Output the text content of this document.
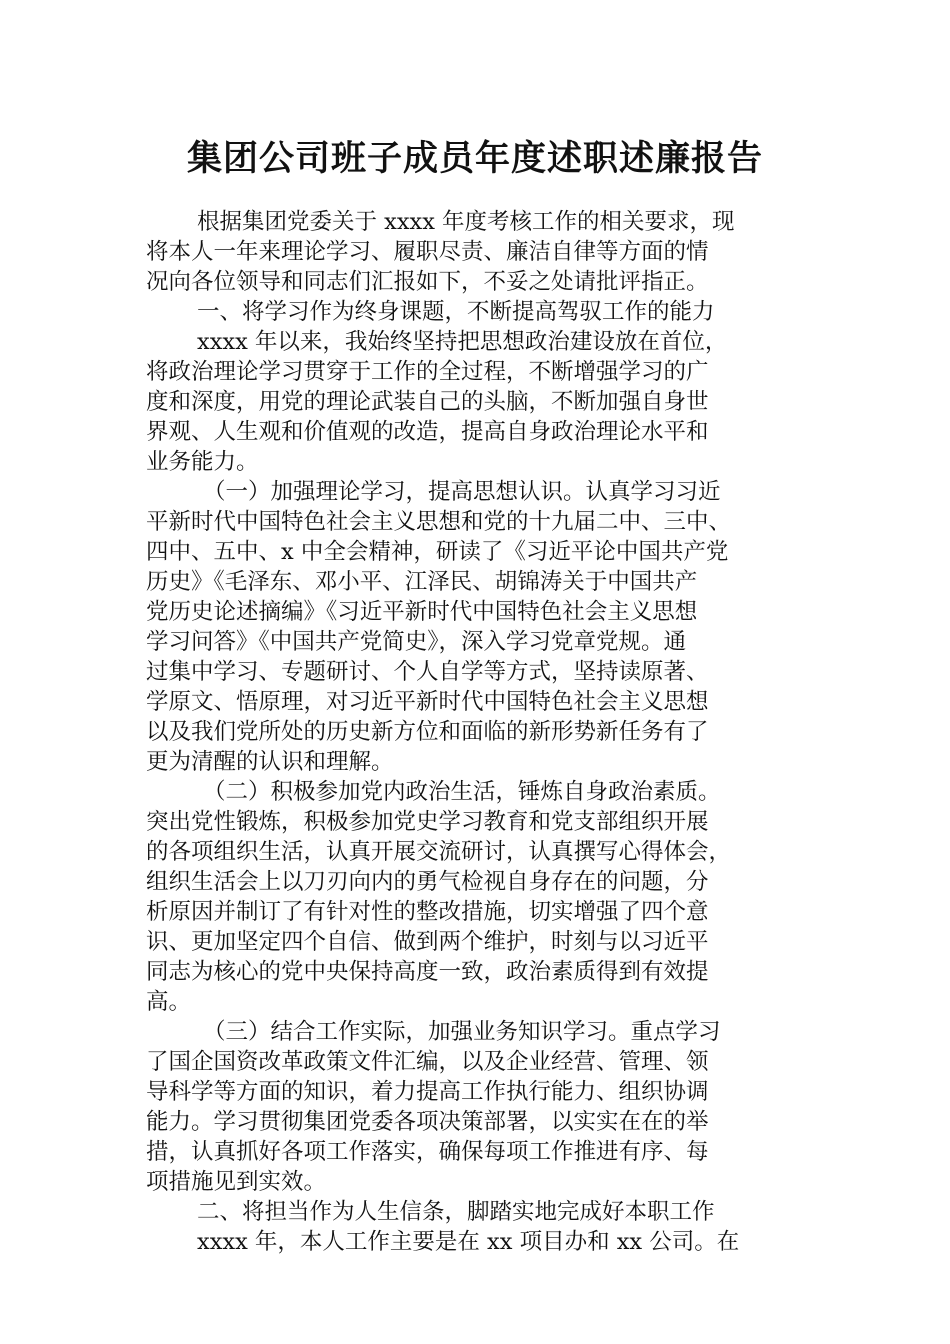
集团公司班子成员年度述职述廉报告
根据集团党委关于 xxxx 年度考核工作的相关要求，现
将本人一年来理论学习、履职尽责、廉洁自律等方面的情
况向各位领导和同志们汇报如下，不妥之处请批评指正。
一、将学习作为终身课题，不断提高驾驭工作的能力
xxxx 年以来，我始终坚持把思想政治建设放在首位，
将政治理论学习贯穿于工作的全过程，不断增强学习的广
度和深度，用党的理论武装自己的头脑，不断加强自身世
界观、人生观和价值观的改造，提高自身政治理论水平和
业务能力。
（一）加强理论学习，提高思想认识。认真学习习近
平新时代中国特色社会主义思想和党的十九届二中、三中、
四中、五中、x 中全会精神，研读了《习近平论中国共产党
历史》《毛泽东、邓小平、江泽民、胡锦涛关于中国共产
党历史论述摘编》《习近平新时代中国特色社会主义思想
学习问答》《中国共产党简史》，深入学习党章党规。通
过集中学习、专题研讨、个人自学等方式，坚持读原著、
学原文、悟原理，对习近平新时代中国特色社会主义思想
以及我们党所处的历史新方位和面临的新形势新任务有了
更为清醒的认识和理解。
（二）积极参加党内政治生活，锤炼自身政治素质。
突出党性锻炼，积极参加党史学习教育和党支部组织开展
的各项组织生活，认真开展交流研讨，认真撰写心得体会，
组织生活会上以刀刃向内的勇气检视自身存在的问题，分
析原因并制订了有针对性的整改措施，切实增强了四个意
识、更加坚定四个自信、做到两个维护，时刻与以习近平
同志为核心的党中央保持高度一致，政治素质得到有效提
高。
（三）结合工作实际，加强业务知识学习。重点学习
了国企国资改革政策文件汇编，以及企业经营、管理、领
导科学等方面的知识，着力提高工作执行能力、组织协调
能力。学习贯彻集团党委各项决策部署，以实实在在的举
措，认真抓好各项工作落实，确保每项工作推进有序、每
项措施见到实效。
二、将担当作为人生信条，脚踏实地完成好本职工作
xxxx 年，本人工作主要是在 xx 项目办和 xx 公司。在
